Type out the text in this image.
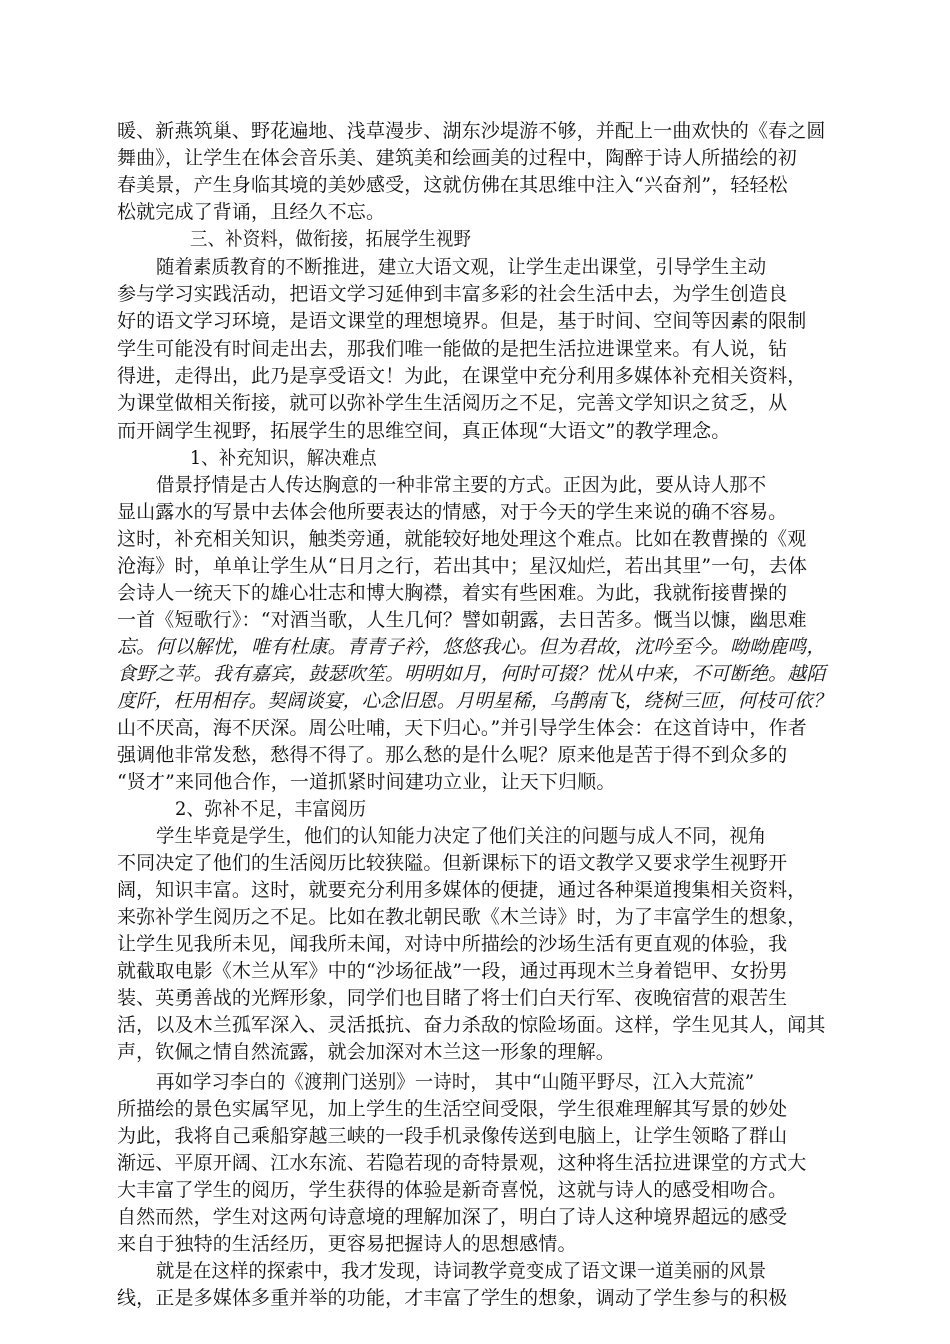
暖、新燕筑巢、野花遍地、浅草漫步、湖东沙堤游不够，并配上一曲欢快的《春之圆
舞曲》，让学生在体会音乐美、建筑美和绘画美的过程中，陶醉于诗人所描绘的初
春美景，产生身临其境的美妙感受，这就仿佛在其思维中注入“兴奋剂”，轻轻松
松就完成了背诵，且经久不忘。
三、补资料，做衔接，拓展学生视野
随着素质教育的不断推进，建立大语文观，让学生走出课堂，引导学生主动
参与学习实践活动，把语文学习延伸到丰富多彩的社会生活中去，为学生创造良
好的语文学习环境，是语文课堂的理想境界。但是，基于时间、空间等因素的限制
学生可能没有时间走出去，那我们唯一能做的是把生活拉进课堂来。有人说，钻
得进，走得出，此乃是享受语文！为此，在课堂中充分利用多媒体补充相关资料，
为课堂做相关衔接，就可以弥补学生生活阅历之不足，完善文学知识之贫乏，从
而开阔学生视野，拓展学生的思维空间，真正体现“大语文”的教学理念。
1、补充知识，解决难点
借景抒情是古人传达胸意的一种非常主要的方式。正因为此，要从诗人那不
显山露水的写景中去体会他所要表达的情感，对于今天的学生来说的确不容易。
这时，补充相关知识，触类旁通，就能较好地处理这个难点。比如在教曹操的《观
沧海》时，单单让学生从“日月之行，若出其中；星汉灿烂，若出其里”一句，去体
会诗人一统天下的雄心壮志和博大胸襟，着实有些困难。为此，我就衔接曹操的
一首《短歌行》：“对酒当歌，人生几何？譬如朝露，去日苦多。慨当以慷，幽思难
忘。何以解忧，唯有杜康。青青子衿，悠悠我心。但为君故，沈吟至今。呦呦鹿鸣，
食野之苹。我有嘉宾，鼓瑟吹笙。明明如月，何时可掇？忧从中来，不可断绝。越陌
度阡，枉用相存。契阔谈宴，心念旧恩。月明星稀，乌鹊南飞，绕树三匝，何枝可依？
山不厌高，海不厌深。周公吐哺，天下归心。”并引导学生体会：在这首诗中，作者
强调他非常发愁，愁得不得了。那么愁的是什么呢？原来他是苦于得不到众多的
“贤才”来同他合作，一道抓紧时间建功立业，让天下归顺。
2、弥补不足，丰富阅历
学生毕竟是学生，他们的认知能力决定了他们关注的问题与成人不同，视角
不同决定了他们的生活阅历比较狭隘。但新课标下的语文教学又要求学生视野开
阔，知识丰富。这时，就要充分利用多媒体的便捷，通过各种渠道搜集相关资料，
来弥补学生阅历之不足。比如在教北朝民歌《木兰诗》时，为了丰富学生的想象，
让学生见我所未见，闻我所未闻，对诗中所描绘的沙场生活有更直观的体验，我
就截取电影《木兰从军》中的“沙场征战”一段，通过再现木兰身着铠甲、女扮男
装、英勇善战的光辉形象，同学们也目睹了将士们白天行军、夜晚宿营的艰苦生
活，以及木兰孤军深入、灵活抵抗、奋力杀敌的惊险场面。这样，学生见其人，闻其
声，钦佩之情自然流露，就会加深对木兰这一形象的理解。
再如学习李白的《渡荆门送别》一诗时， 其中“山随平野尽，江入大荒流”
所描绘的景色实属罕见，加上学生的生活空间受限，学生很难理解其写景的妙处
为此，我将自己乘船穿越三峡的一段手机录像传送到电脑上，让学生领略了群山
渐远、平原开阔、江水东流、若隐若现的奇特景观，这种将生活拉进课堂的方式大
大丰富了学生的阅历，学生获得的体验是新奇喜悦，这就与诗人的感受相吻合。
自然而然，学生对这两句诗意境的理解加深了，明白了诗人这种境界超远的感受
来自于独特的生活经历，更容易把握诗人的思想感情。
就是在这样的探索中，我才发现，诗词教学竟变成了语文课一道美丽的风景
线，正是多媒体多重并举的功能，才丰富了学生的想象，调动了学生参与的积极
